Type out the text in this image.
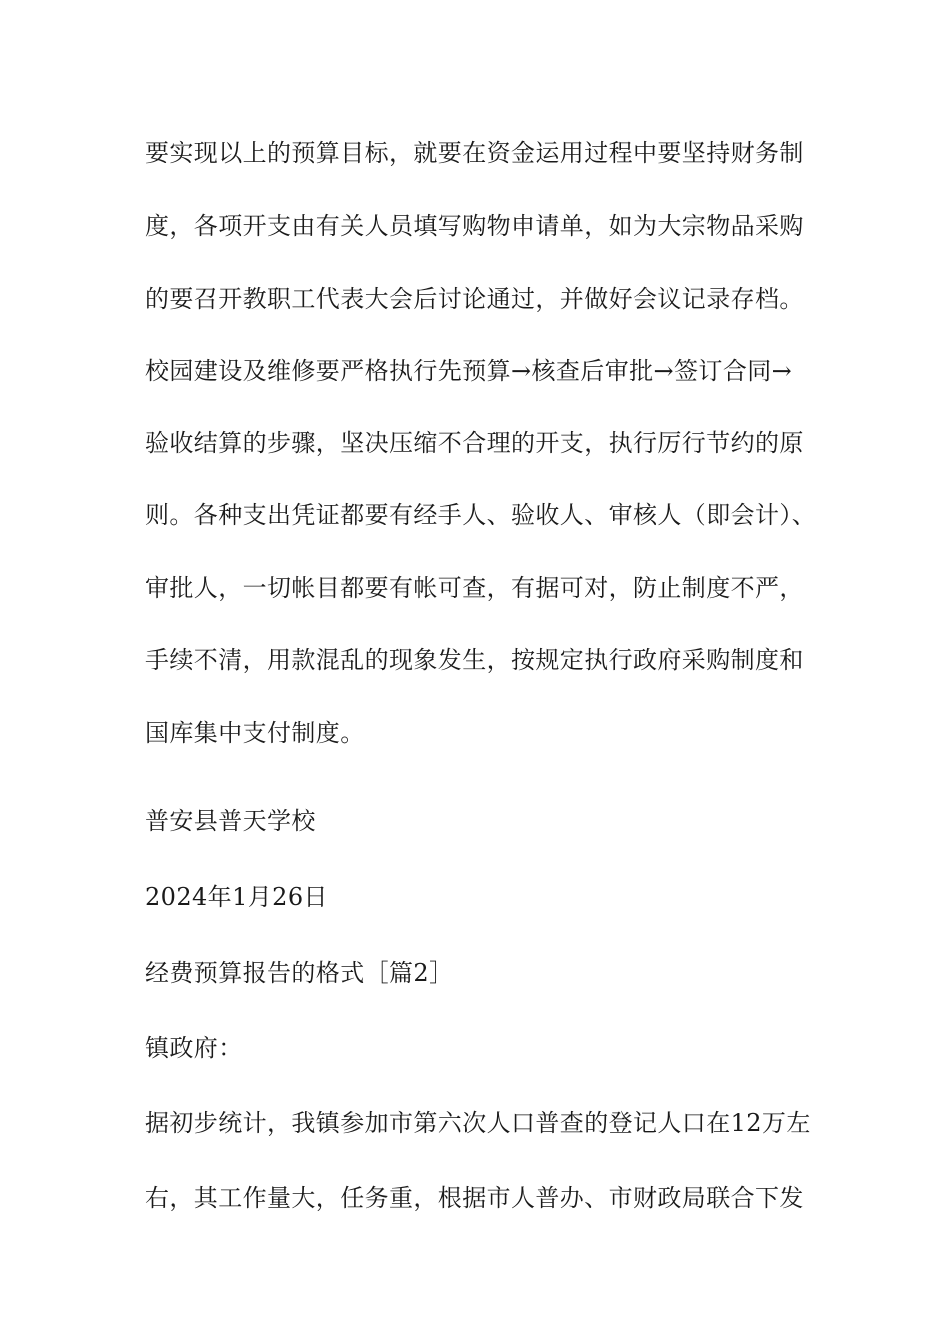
要实现以上的预算目标，就要在资金运用过程中要坚持财务制
度，各项开支由有关人员填写购物申请单，如为大宗物品采购
的要召开教职工代表大会后讨论通过，并做好会议记录存档。
校园建设及维修要严格执行先预算→核查后审批→签订合同→
验收结算的步骤，坚决压缩不合理的开支，执行厉行节约的原
则。各种支出凭证都要有经手人、验收人、审核人（即会计）、
审批人，一切帐目都要有帐可查，有据可对，防止制度不严，
手续不清，用款混乱的现象发生，按规定执行政府采购制度和
国库集中支付制度。
普安县普天学校
2024年1月26日
经费预算报告的格式［篇2］
镇政府：
据初步统计，我镇参加市第六次人口普查的登记人口在12万左
右，其工作量大，任务重，根据市人普办、市财政局联合下发
